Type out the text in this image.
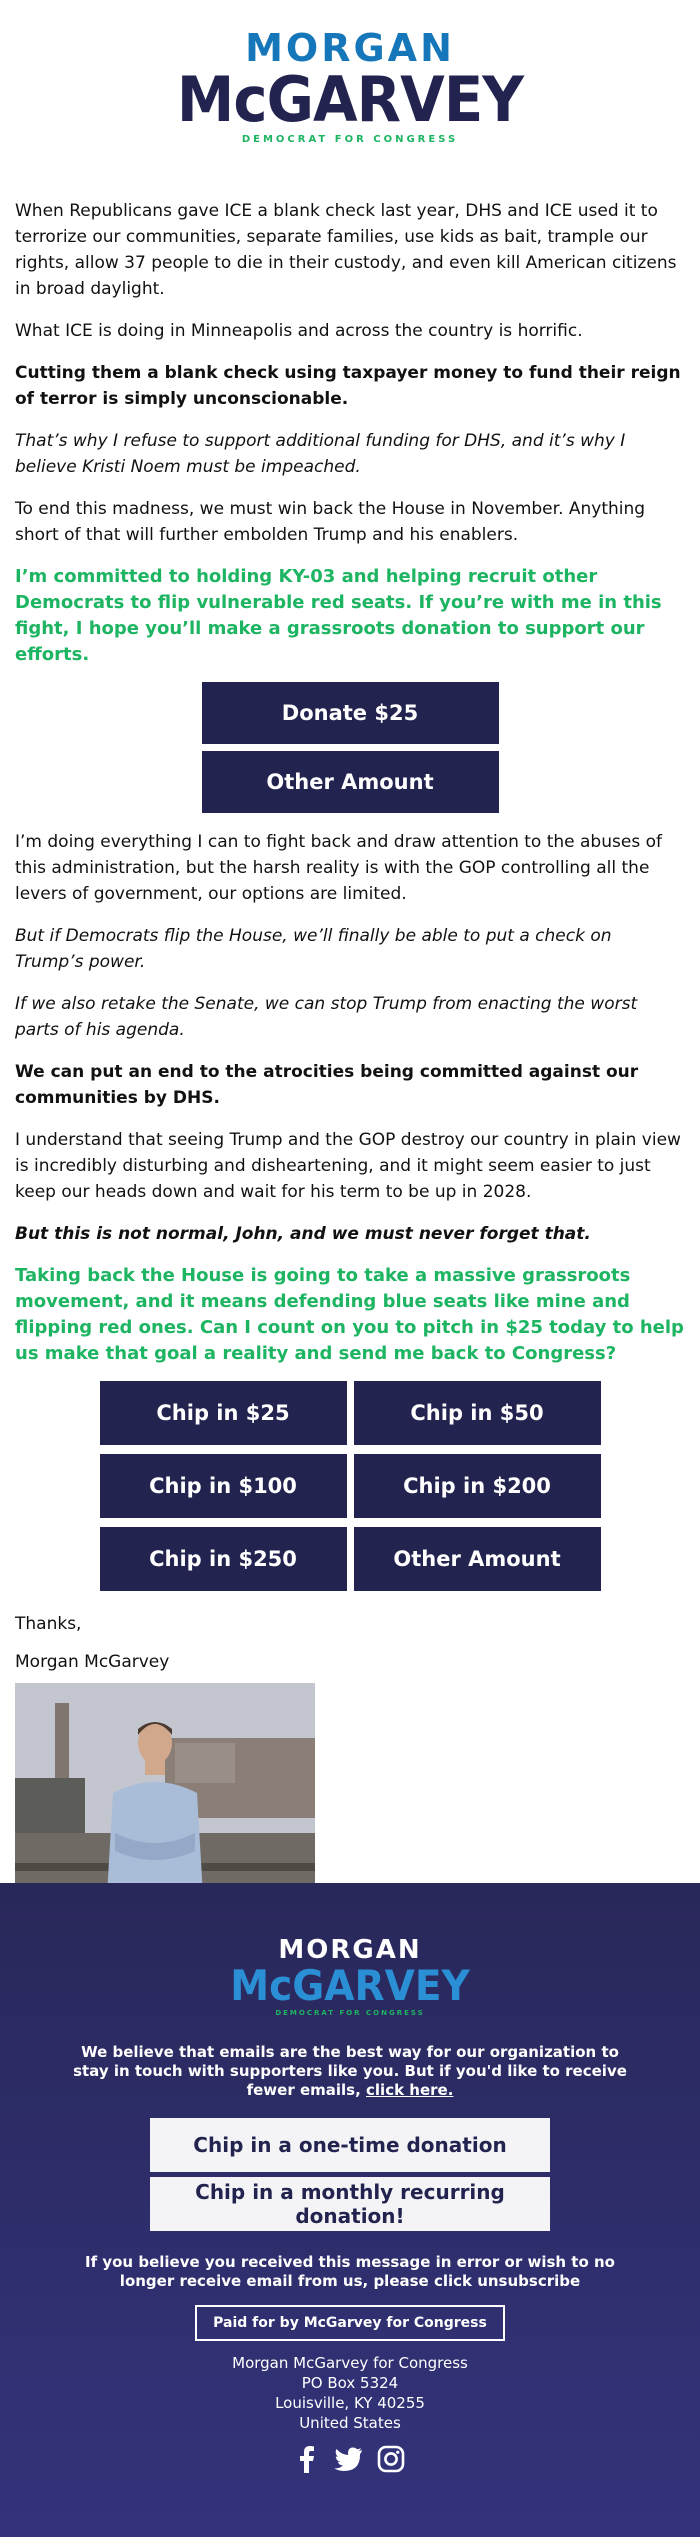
MORGAN
McGARVEY
DEMOCRAT FOR CONGRESS

When Republicans gave ICE a blank check last year, DHS and ICE used it to terrorize our communities, separate families, use kids as bait, trample our rights, allow 37 people to die in their custody, and even kill American citizens in broad daylight.

What ICE is doing in Minneapolis and across the country is horrific.

Cutting them a blank check using taxpayer money to fund their reign of terror is simply unconscionable.

That’s why I refuse to support additional funding for DHS, and it’s why I believe Kristi Noem must be impeached.

To end this madness, we must win back the House in November. Anything short of that will further embolden Trump and his enablers.

I’m committed to holding KY-03 and helping recruit other Democrats to flip vulnerable red seats. If you’re with me in this fight, I hope you’ll make a grassroots donation to support our efforts.

Donate $25
Other Amount

I’m doing everything I can to fight back and draw attention to the abuses of this administration, but the harsh reality is with the GOP controlling all the levers of government, our options are limited.

But if Democrats flip the House, we’ll finally be able to put a check on Trump’s power.

If we also retake the Senate, we can stop Trump from enacting the worst parts of his agenda.

We can put an end to the atrocities being committed against our communities by DHS.

I understand that seeing Trump and the GOP destroy our country in plain view is incredibly disturbing and disheartening, and it might seem easier to just keep our heads down and wait for his term to be up in 2028.

But this is not normal, John, and we must never forget that.

Taking back the House is going to take a massive grassroots movement, and it means defending blue seats like mine and flipping red ones. Can I count on you to pitch in $25 today to help us make that goal a reality and send me back to Congress?

Chip in $25	Chip in $50
Chip in $100	Chip in $200
Chip in $250	Other Amount

Thanks,

Morgan McGarvey

MORGAN
McGARVEY
DEMOCRAT FOR CONGRESS
We believe that emails are the best way for our organization to stay in touch with supporters like you. But if you'd like to receive fewer emails, click here.
Chip in a one-time donation
Chip in a monthly recurring donation!
If you believe you received this message in error or wish to no longer receive email from us, please click unsubscribe
Paid for by McGarvey for Congress
Morgan McGarvey for Congress
PO Box 5324
Louisville, KY 40255
United States
